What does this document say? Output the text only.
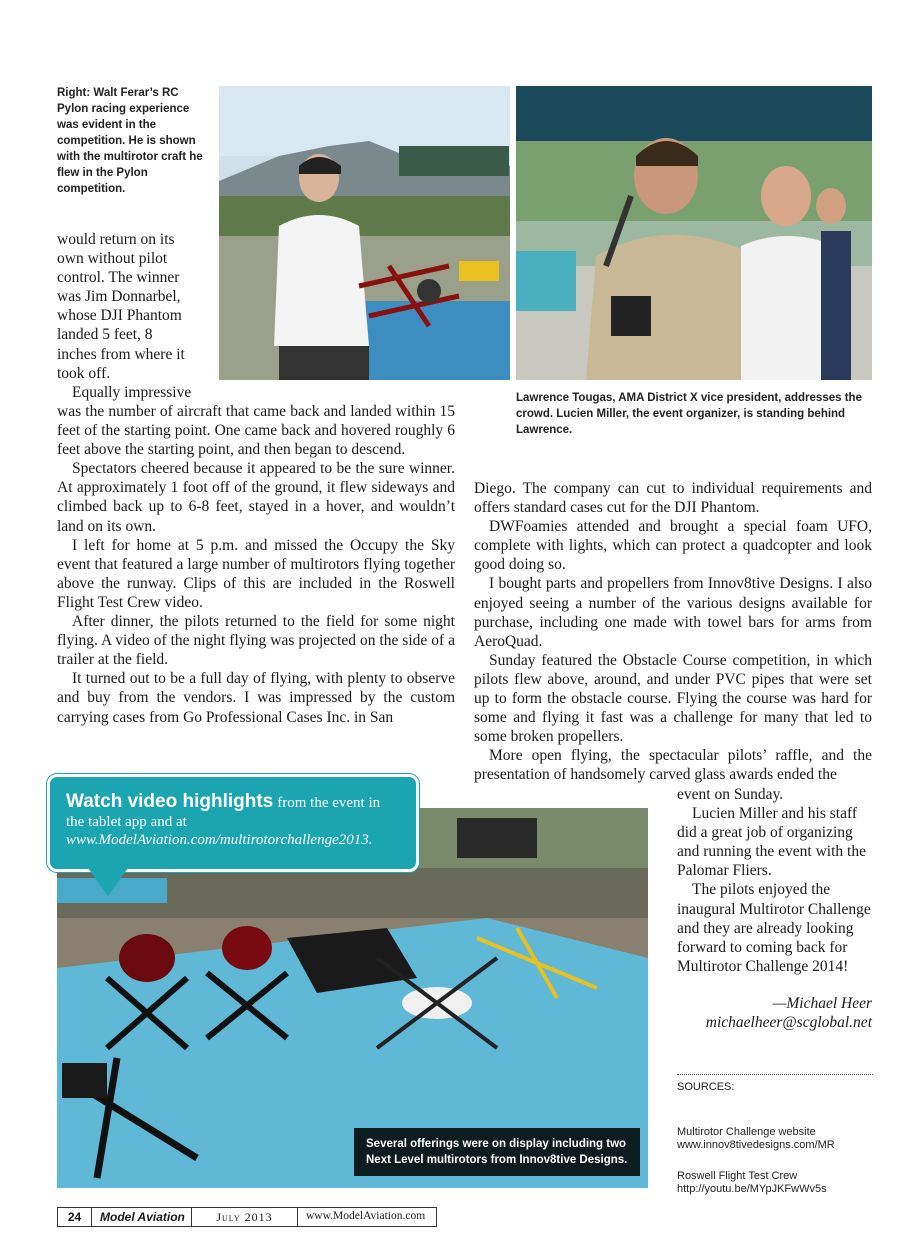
Right: Walt Ferar’s RC Pylon racing experience was evident in the competition. He is shown with the multirotor craft he flew in the Pylon competition.
Lawrence Tougas, AMA District X vice president, addresses the crowd. Lucien Miller, the event organizer, is standing behind Lawrence.

would return on its own without pilot control. The winner was Jim Donnarbel, whose DJI Phantom landed 5 feet, 8 inches from where it took off.

Equally impressive

was the number of aircraft that came back and landed within 15 feet of the starting point. One came back and hovered roughly 6 feet above the starting point, and then began to descend.

Spectators cheered because it appeared to be the sure winner. At approximately 1 foot off of the ground, it flew sideways and climbed back up to 6-8 feet, stayed in a hover, and wouldn’t land on its own.

I left for home at 5 p.m. and missed the Occupy the Sky event that featured a large number of multirotors flying together above the runway. Clips of this are included in the Roswell Flight Test Crew video.

After dinner, the pilots returned to the field for some night flying. A video of the night flying was projected on the side of a trailer at the field.

It turned out to be a full day of flying, with plenty to observe and buy from the vendors. I was impressed by the custom carrying cases from Go Professional Cases Inc. in San

Diego. The company can cut to individual requirements and offers standard cases cut for the DJI Phantom.

DWFoamies attended and brought a special foam UFO, complete with lights, which can protect a quadcopter and look good doing so.

I bought parts and propellers from Innov8tive Designs. I also enjoyed seeing a number of the various designs available for purchase, including one made with towel bars for arms from AeroQuad.

Sunday featured the Obstacle Course competition, in which pilots flew above, around, and under PVC pipes that were set up to form the obstacle course. Flying the course was hard for some and flying it fast was a challenge for many that led to some broken propellers.

More open flying, the spectacular pilots’ raffle, and the presentation of handsomely carved glass awards ended the

event on Sunday.

Lucien Miller and his staff did a great job of organizing and running the event with the Palomar Fliers.

The pilots enjoyed the inaugural Multirotor Challenge and they are already looking forward to coming back for Multirotor Challenge 2014!

—Michael Heer
michaelheer@scglobal.net
Watch video highlights from the event in the tablet app and at www.ModelAviation.com/multirotorchallenge2013.
Several offerings were on display including two Next Level multirotors from Innov8tive Designs.
SOURCES:
Multirotor Challenge website
www.innov8tivedesigns.com/MR
Roswell Flight Test Crew
http://youtu.be/MYpJKFwWv5s
24	Model Aviation	July 2013	www.ModelAviation.com
